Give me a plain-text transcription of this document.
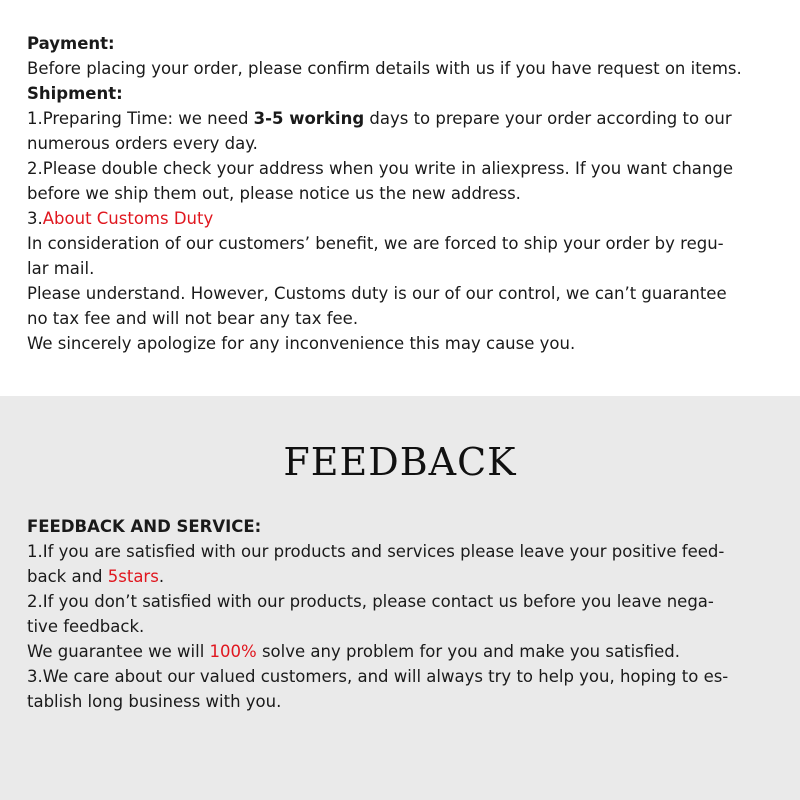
Payment:
Before placing your order, please confirm details with us if you have request on items.
Shipment:
1.Preparing Time: we need 3-5 working days to prepare your order according to our
numerous orders every day.
2.Please double check your address when you write in aliexpress. If you want change
before we ship them out, please notice us the new address.
3.About Customs Duty
In consideration of our customers’ benefit, we are forced to ship your order by regu-
lar mail.
Please understand. However, Customs duty is our of our control, we can’t guarantee
no tax fee and will not bear any tax fee.
We sincerely apologize for any inconvenience this may cause you.
FEEDBACK
FEEDBACK AND SERVICE:
1.If you are satisfied with our products and services please leave your positive feed-
back and 5stars.
2.If you don’t satisfied with our products, please contact us before you leave nega-
tive feedback.
We guarantee we will 100% solve any problem for you and make you satisfied.
3.We care about our valued customers, and will always try to help you, hoping to es-
tablish long business with you.
